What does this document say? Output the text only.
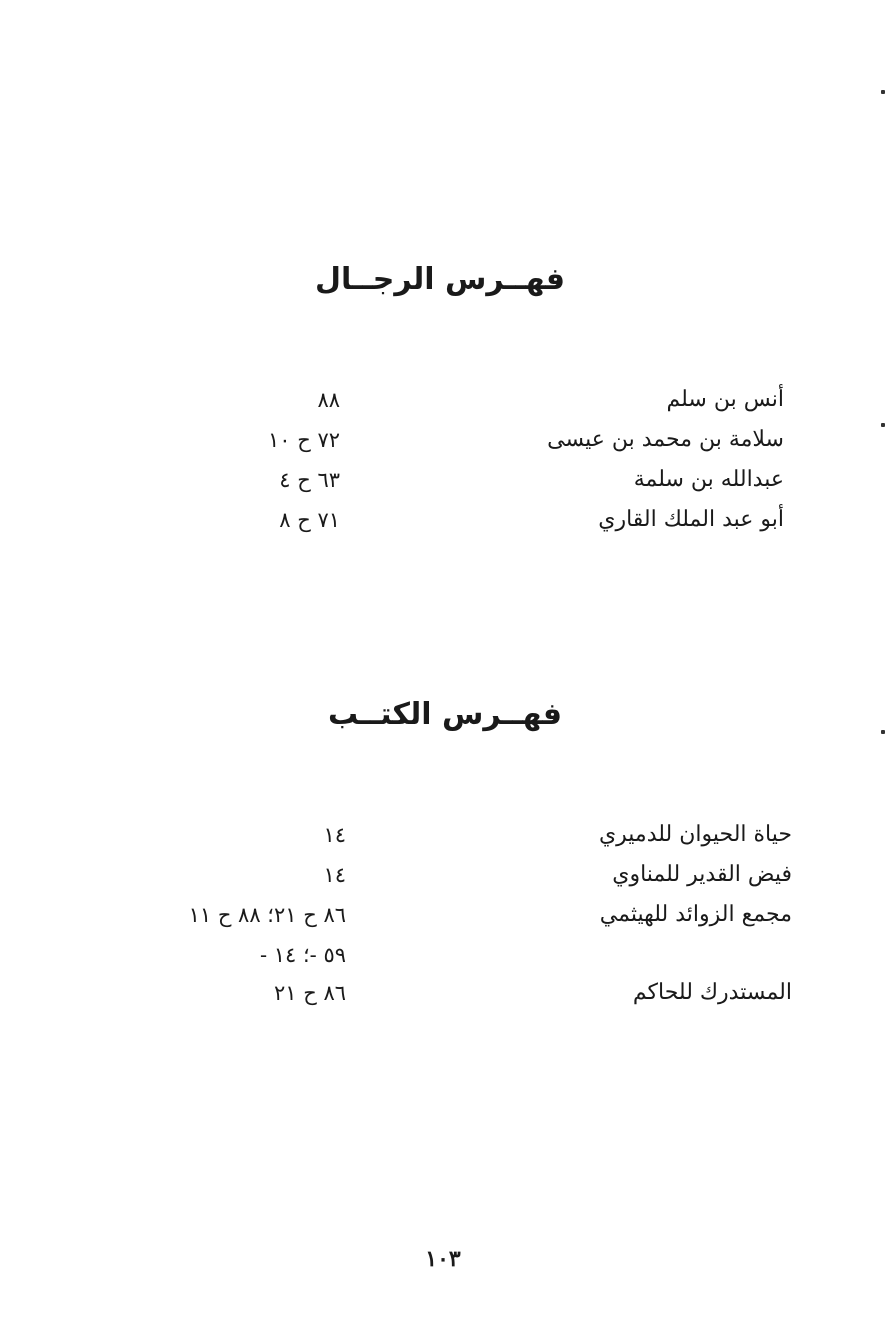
فهــرس الرجــال
أنس بن سلم
٨٨
سلامة بن محمد بن عيسى
٧٢ ح ١٠
عبدالله بن سلمة
٦٣ ح ٤
أبو عبد الملك القاري
٧١ ح ٨
فهــرس الكتــب
حياة الحيوان للدميري
١٤
فيض القدير للمناوي
١٤
مجمع الزوائد للهيثمي
٨٦ ح ٢١؛ ٨٨ ح ١١
٥٩ -؛ ١٤ -
المستدرك للحاكم
٨٦ ح ٢١
١٠٣
